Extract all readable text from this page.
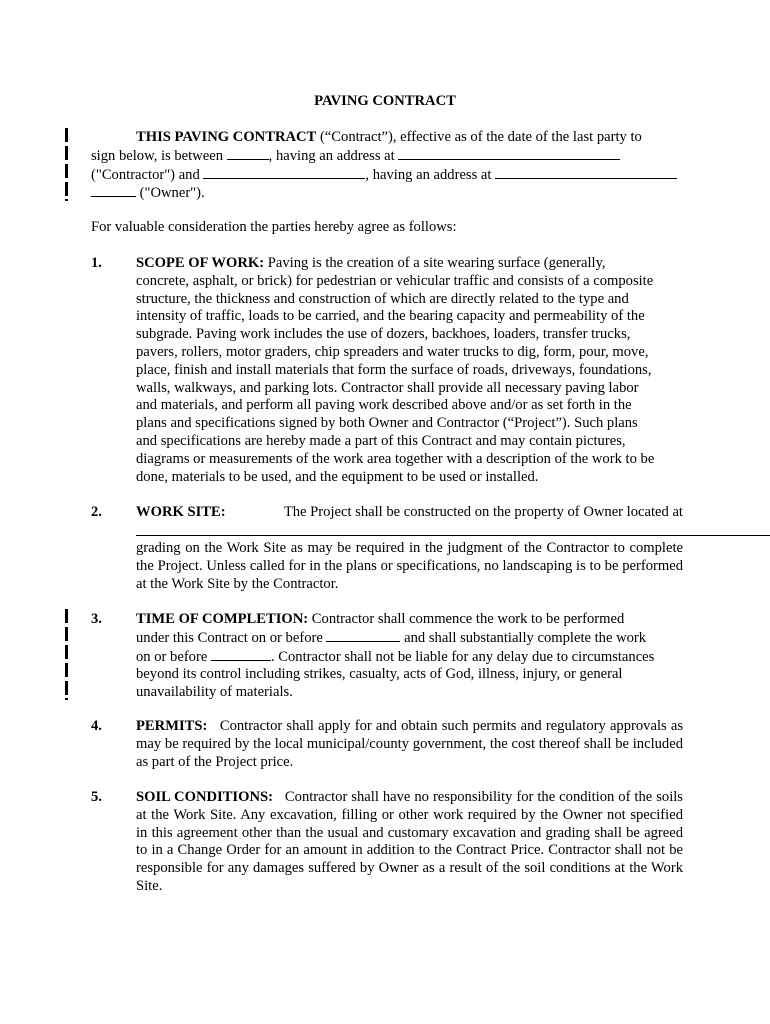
PAVING CONTRACT
THIS PAVING CONTRACT (“Contract”), effective as of the date of the last party to
sign below, is between	, having an address at
("Contractor") and	, having an address at
("Owner").
For valuable consideration the parties hereby agree as follows:
1. SCOPE OF WORK: Paving is the creation of a site wearing surface (generally,
concrete, asphalt, or brick) for pedestrian or vehicular traffic and consists of a composite
structure, the thickness and construction of which are directly related to the type and
intensity of traffic, loads to be carried, and the bearing capacity and permeability of the
subgrade. Paving work includes the use of dozers, backhoes, loaders, transfer trucks,
pavers, rollers, motor graders, chip spreaders and water trucks to dig, form, pour, move,
place, finish and install materials that form the surface of roads, driveways, foundations,
walls, walkways, and parking lots. Contractor shall provide all necessary paving labor
and materials, and perform all paving work described above and/or as set forth in the
plans and specifications signed by both Owner and Contractor (“Project”). Such plans
and specifications are hereby made a part of this Contract and may contain pictures,
diagrams or measurements of the work area together with a description of the work to be
done, materials to be used, and the equipment to be used or installed.
2. WORK SITE:	The Project shall be constructed on the property of Owner located at
grading on the Work Site as may be required in the judgment of the Contractor to complete the Project. Unless called for in the plans or specifications, no landscaping is to be performed at the Work Site by the Contractor.
3. TIME OF COMPLETION: Contractor shall commence the work to be performed
under this Contract on or before	and shall substantially complete the work
on or before	. Contractor shall not be liable for any delay due to circumstances
beyond its control including strikes, casualty, acts of God, illness, injury, or general
unavailability of materials.
4. PERMITS: Contractor shall apply for and obtain such permits and regulatory approvals as may be required by the local municipal/county government, the cost thereof shall be included as part of the Project price.
5. SOIL CONDITIONS: Contractor shall have no responsibility for the condition of the soils at the Work Site. Any excavation, filling or other work required by the Owner not specified in this agreement other than the usual and customary excavation and grading shall be agreed to in a Change Order for an amount in addition to the Contract Price. Contractor shall not be responsible for any damages suffered by Owner as a result of the soil conditions at the Work Site.
